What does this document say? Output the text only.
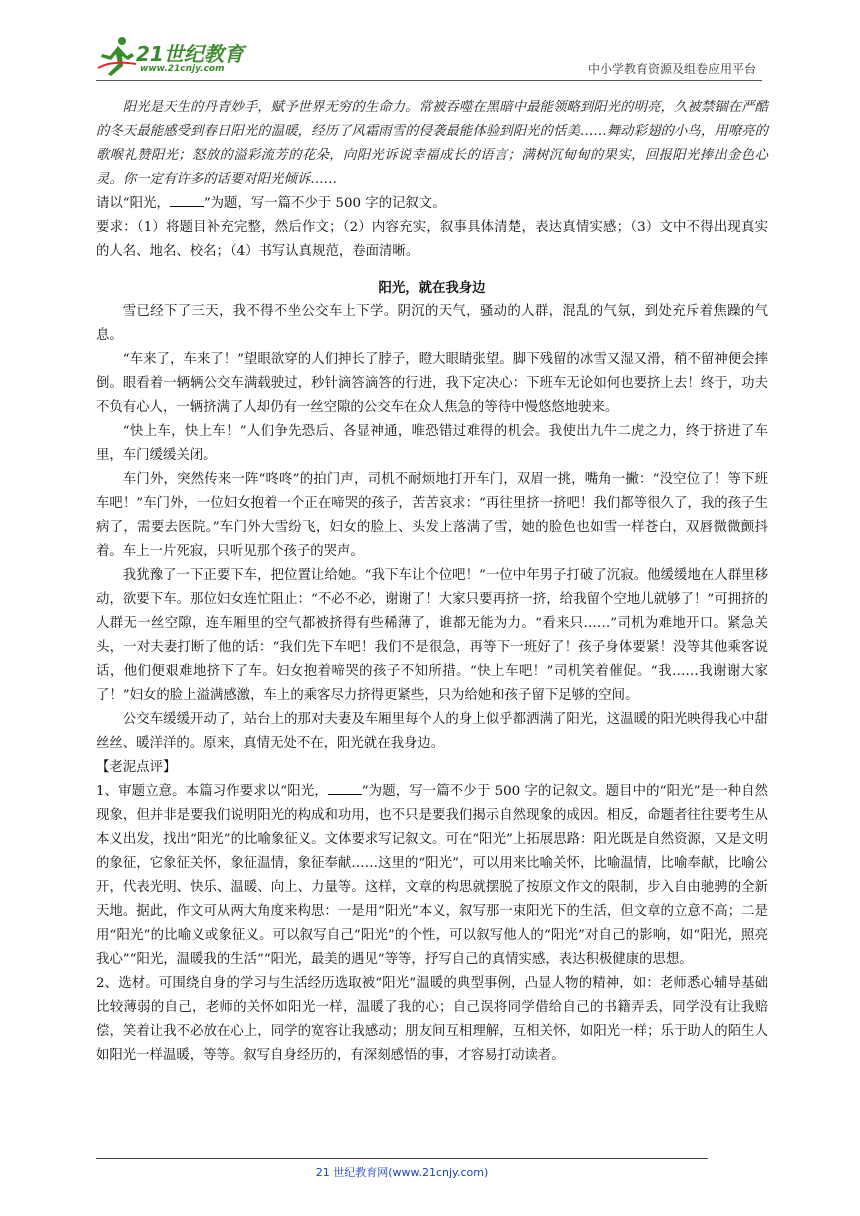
21世纪教育
www.21cnjy.com	中小学教育资源及组卷应用平台

阳光是天生的丹青妙手，赋予世界无穷的生命力。常被吞噬在黑暗中最能领略到阳光的明亮，久被禁锢在严酷的冬天最能感受到春日阳光的温暖，经历了风霜雨雪的侵袭最能体验到阳光的恬美……舞动彩翅的小鸟，用嘹亮的歌喉礼赞阳光；怒放的溢彩流芳的花朵，向阳光诉说幸福成长的语言；满树沉甸甸的果实，回报阳光捧出金色心灵。你一定有许多的话要对阳光倾诉……

请以“阳光，	”为题，写一篇不少于 500 字的记叙文。

要求：（1）将题目补充完整，然后作文；（2）内容充实，叙事具体清楚，表达真情实感；（3）文中不得出现真实的人名、地名、校名；（4）书写认真规范，卷面清晰。

阳光，就在我身边

雪已经下了三天，我不得不坐公交车上下学。阴沉的天气，骚动的人群，混乱的气氛，到处充斥着焦躁的气息。

“车来了，车来了！”望眼欲穿的人们抻长了脖子，瞪大眼睛张望。脚下残留的冰雪又湿又滑，稍不留神便会摔倒。眼看着一辆辆公交车满载驶过，秒针滴答滴答的行进，我下定决心：下班车无论如何也要挤上去！终于，功夫不负有心人，一辆挤满了人却仍有一丝空隙的公交车在众人焦急的等待中慢悠悠地驶来。

“快上车，快上车！”人们争先恐后、各显神通，唯恐错过难得的机会。我使出九牛二虎之力，终于挤进了车里，车门缓缓关闭。

车门外，突然传来一阵“咚咚”的拍门声，司机不耐烦地打开车门，双眉一挑，嘴角一撇：“没空位了！等下班车吧！”车门外，一位妇女抱着一个正在啼哭的孩子，苦苦哀求：“再往里挤一挤吧！我们都等很久了，我的孩子生病了，需要去医院。”车门外大雪纷飞，妇女的脸上、头发上落满了雪，她的脸色也如雪一样苍白，双唇微微颤抖着。车上一片死寂，只听见那个孩子的哭声。

我犹豫了一下正要下车，把位置让给她。“我下车让个位吧！”一位中年男子打破了沉寂。他缓缓地在人群里移动，欲要下车。那位妇女连忙阻止：“不必不必，谢谢了！大家只要再挤一挤，给我留个空地儿就够了！”可拥挤的人群无一丝空隙，连车厢里的空气都被挤得有些稀薄了，谁都无能为力。“看来只……”司机为难地开口。紧急关头，一对夫妻打断了他的话：“我们先下车吧！我们不是很急，再等下一班好了！孩子身体要紧！没等其他乘客说话，他们便艰难地挤下了车。妇女抱着啼哭的孩子不知所措。“快上车吧！”司机笑着催促。“我……我谢谢大家了！”妇女的脸上溢满感激，车上的乘客尽力挤得更紧些，只为给她和孩子留下足够的空间。

公交车缓缓开动了，站台上的那对夫妻及车厢里每个人的身上似乎都洒满了阳光，这温暖的阳光映得我心中甜丝丝、暖洋洋的。原来，真情无处不在，阳光就在我身边。

【老泥点评】

1、审题立意。本篇习作要求以“阳光，	”为题，写一篇不少于 500 字的记叙文。题目中的“阳光”是一种自然现象，但并非是要我们说明阳光的构成和功用，也不只是要我们揭示自然现象的成因。相反，命题者往往要考生从本义出发，找出“阳光”的比喻象征义。文体要求写记叙文。可在“阳光”上拓展思路：阳光既是自然资源，又是文明的象征，它象征关怀，象征温情，象征奉献……这里的“阳光”，可以用来比喻关怀，比喻温情，比喻奉献，比喻公开，代表光明、快乐、温暖、向上、力量等。这样，文章的构思就摆脱了按原文作文的限制，步入自由驰骋的全新天地。据此，作文可从两大角度来构思：一是用“阳光”本义，叙写那一束阳光下的生活，但文章的立意不高；二是用“阳光”的比喻义或象征义。可以叙写自己“阳光”的个性，可以叙写他人的“阳光”对自己的影响，如“阳光，照亮我心”“阳光，温暖我的生活”“阳光，最美的遇见”等等，抒写自己的真情实感，表达积极健康的思想。

2、选材。可围绕自身的学习与生活经历选取被“阳光”温暖的典型事例，凸显人物的精神，如：老师悉心辅导基础比较薄弱的自己，老师的关怀如阳光一样，温暖了我的心；自己误将同学借给自己的书籍弄丢，同学没有让我赔偿，笑着让我不必放在心上，同学的宽容让我感动；朋友间互相理解，互相关怀，如阳光一样；乐于助人的陌生人如阳光一样温暖，等等。叙写自身经历的，有深刻感悟的事，才容易打动读者。

21 世纪教育网(www.21cnjy.com)
